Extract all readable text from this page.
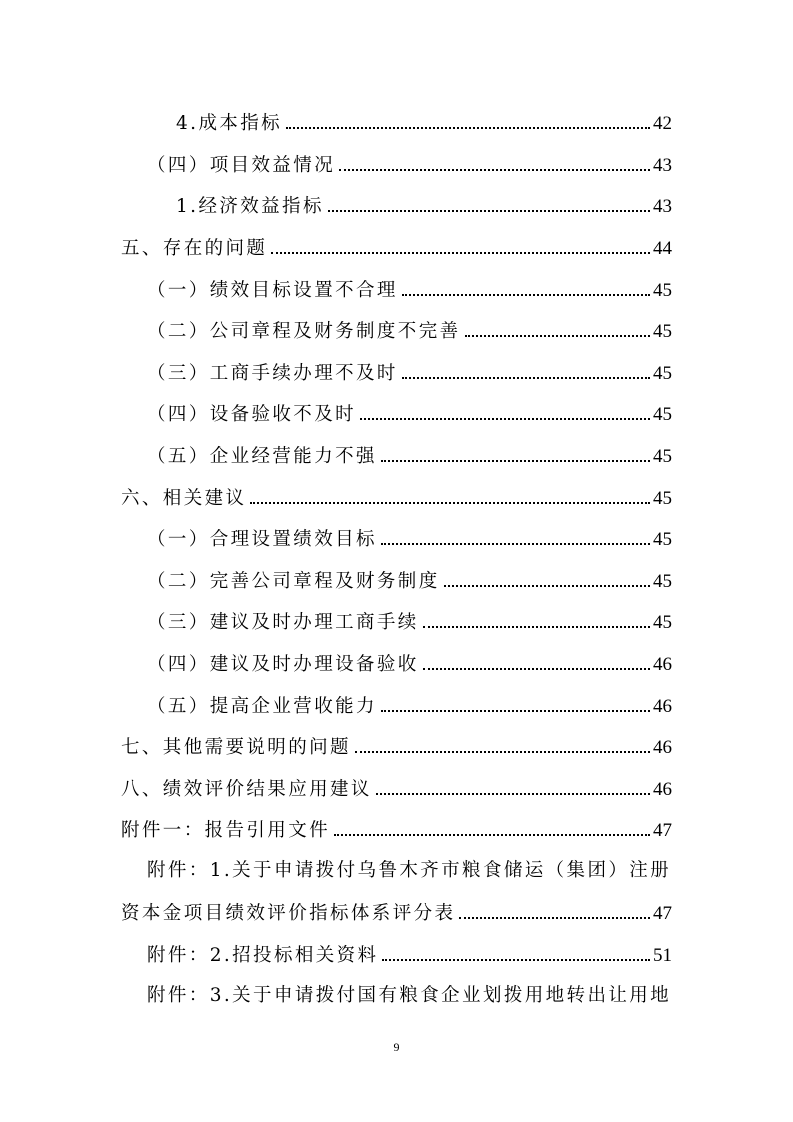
4.成本指标	42
（四）项目效益情况	43
1.经济效益指标	43
五、存在的问题	44
（一）绩效目标设置不合理	45
（二）公司章程及财务制度不完善	45
（三）工商手续办理不及时	45
（四）设备验收不及时	45
（五）企业经营能力不强	45
六、相关建议	45
（一）合理设置绩效目标	45
（二）完善公司章程及财务制度	45
（三）建议及时办理工商手续	45
（四）建议及时办理设备验收	46
（五）提高企业营收能力	46
七、其他需要说明的问题	46
八、绩效评价结果应用建议	46
附件一：报告引用文件	47
附件：1.关于申请拨付乌鲁木齐市粮食储运（集团）注册
资本金项目绩效评价指标体系评分表	47
附件：2.招投标相关资料	51
附件：3.关于申请拨付国有粮食企业划拨用地转出让用地
9
